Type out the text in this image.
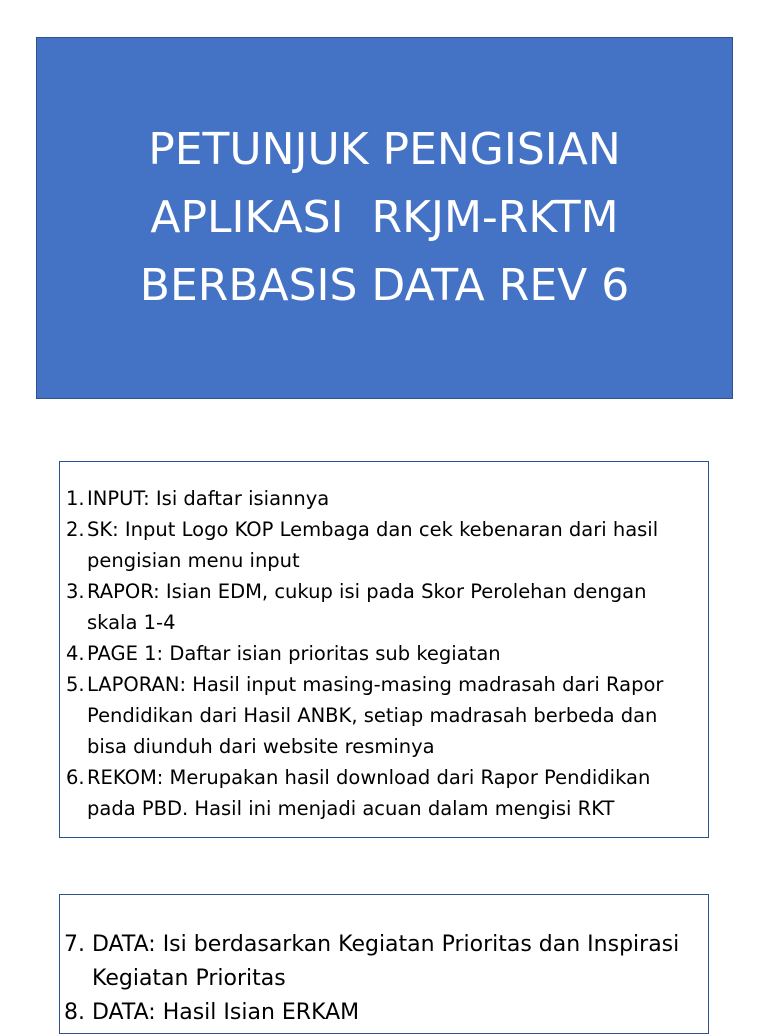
PETUNJUK PENGISIAN
APLIKASI  RKJM-RKTM
BERBASIS DATA REV 6
1. INPUT: Isi daftar isiannya
2. SK: Input Logo KOP Lembaga dan cek kebenaran dari hasil pengisian menu input
3. RAPOR: Isian EDM, cukup isi pada Skor Perolehan dengan skala 1-4
4. PAGE 1: Daftar isian prioritas sub kegiatan
5. LAPORAN: Hasil input masing-masing madrasah dari Rapor Pendidikan dari Hasil ANBK, setiap madrasah berbeda dan bisa diunduh dari website resminya
6. REKOM: Merupakan hasil download dari Rapor Pendidikan pada PBD. Hasil ini menjadi acuan dalam mengisi RKT
7. DATA: Isi berdasarkan Kegiatan Prioritas dan Inspirasi Kegiatan Prioritas
8. DATA: Hasil Isian ERKAM
